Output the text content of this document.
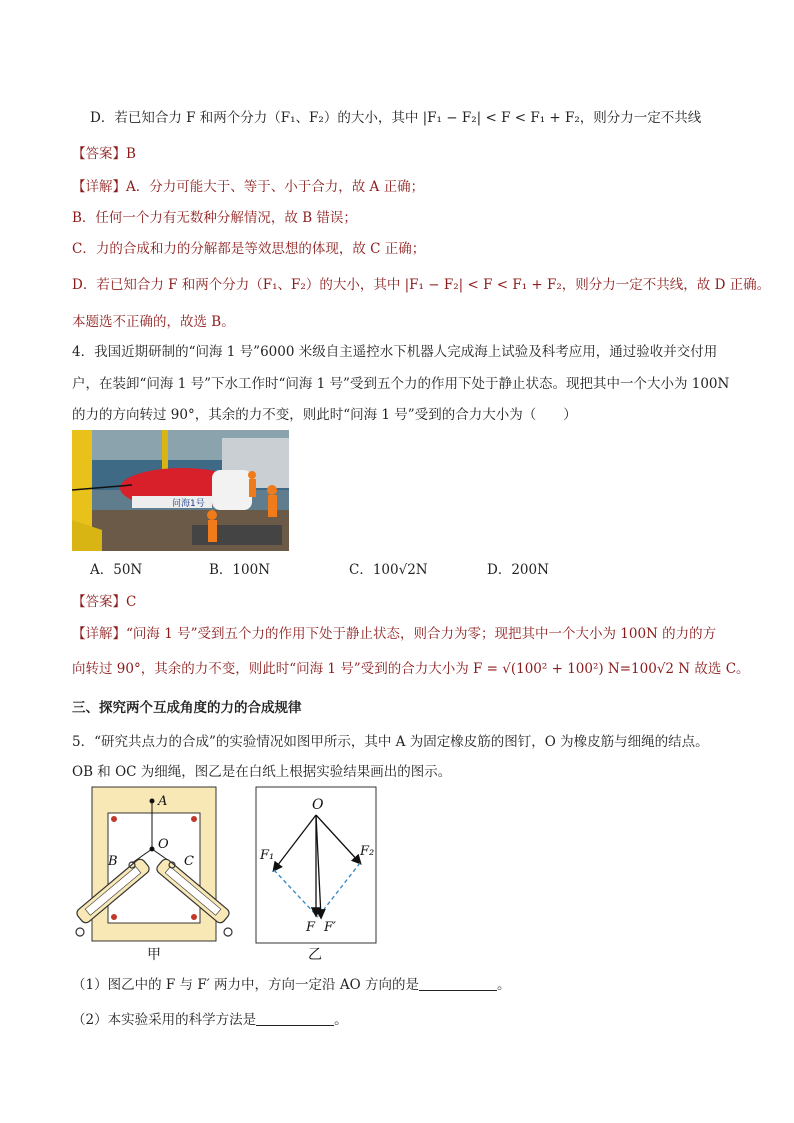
D．若已知合力 F 和两个分力（F₁、F₂）的大小，其中 |F₁ − F₂| < F < F₁ + F₂，则分力一定不共线
【答案】B
【详解】A．分力可能大于、等于、小于合力，故 A 正确；
B．任何一个力有无数种分解情况，故 B 错误；
C．力的合成和力的分解都是等效思想的体现，故 C 正确；
D．若已知合力 F 和两个分力（F₁、F₂）的大小，其中 |F₁ − F₂| < F < F₁ + F₂，则分力一定不共线，故 D 正确。
本题选不正确的，故选 B。
4．我国近期研制的“问海 1 号”6000 米级自主遥控水下机器人完成海上试验及科考应用，通过验收并交付用
户，在装卸“问海 1 号”下水工作时“问海 1 号”受到五个力的作用下处于静止状态。现把其中一个大小为 100N
的力的方向转过 90°，其余的力不变，则此时“问海 1 号”受到的合力大小为（　　）
问海1号
A．50N	B．100N	C．100√2N	D．200N
【答案】C
【详解】“问海 1 号”受到五个力的作用下处于静止状态，则合力为零；现把其中一个大小为 100N 的力的方
向转过 90°，其余的力不变，则此时“问海 1 号”受到的合力大小为 F = √(100² + 100²) N=100√2 N 故选 C。
三、探究两个互成角度的力的合成规律
5．“研究共点力的合成”的实验情况如图甲所示，其中 A 为固定橡皮筋的图钉，O 为橡皮筋与细绳的结点。
OB 和 OC 为细绳，图乙是在白纸上根据实验结果画出的图示。
A
O
B	C
甲
O
F₁	F₂
F F′
乙
（1）图乙中的 F 与 F′ 两力中，方向一定沿 AO 方向的是	。
（2）本实验采用的科学方法是	。
